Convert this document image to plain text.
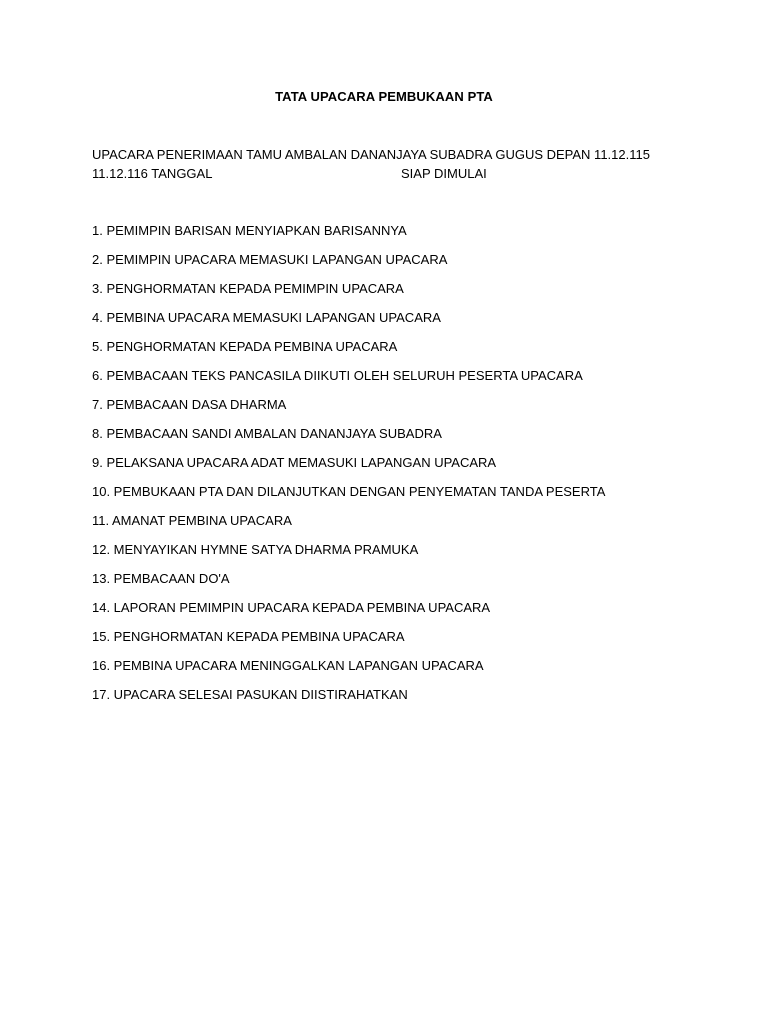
TATA UPACARA PEMBUKAAN PTA
UPACARA PENERIMAAN TAMU AMBALAN DANANJAYA SUBADRA GUGUS DEPAN 11.12.115
11.12.116 TANGGAL	SIAP DIMULAI
1. PEMIMPIN BARISAN MENYIAPKAN BARISANNYA
2. PEMIMPIN UPACARA MEMASUKI LAPANGAN UPACARA
3. PENGHORMATAN KEPADA PEMIMPIN UPACARA
4. PEMBINA UPACARA MEMASUKI LAPANGAN UPACARA
5. PENGHORMATAN KEPADA PEMBINA UPACARA
6. PEMBACAAN TEKS PANCASILA DIIKUTI OLEH SELURUH PESERTA UPACARA
7. PEMBACAAN DASA DHARMA
8. PEMBACAAN SANDI AMBALAN DANANJAYA SUBADRA
9. PELAKSANA UPACARA ADAT MEMASUKI LAPANGAN UPACARA
10. PEMBUKAAN PTA DAN DILANJUTKAN DENGAN PENYEMATAN TANDA PESERTA
11. AMANAT PEMBINA UPACARA
12. MENYAYIKAN HYMNE SATYA DHARMA PRAMUKA
13. PEMBACAAN DO'A
14. LAPORAN PEMIMPIN UPACARA KEPADA PEMBINA UPACARA
15. PENGHORMATAN KEPADA PEMBINA UPACARA
16. PEMBINA UPACARA MENINGGALKAN LAPANGAN UPACARA
17. UPACARA SELESAI PASUKAN DIISTIRAHATKAN
